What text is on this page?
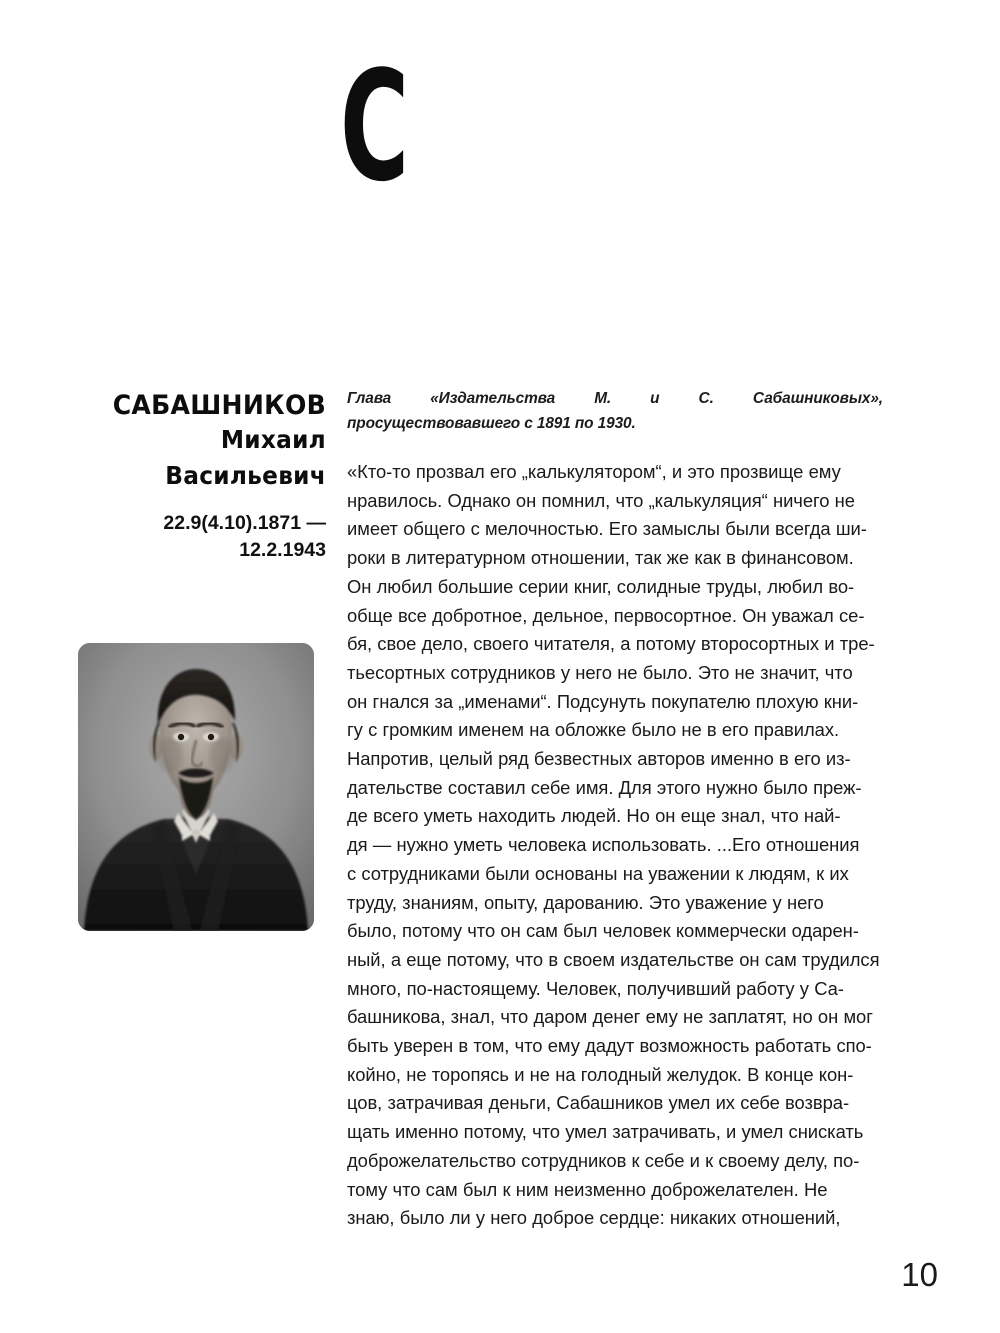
С
САБАШНИКОВ
Михаил
Васильевич
22.9(4.10).1871 —
12.2.1943

Глава «Издательства М. и С. Сабашниковых», просуществовавшего с 1891 по 1930.

«Кто-то прозвал его „калькулятором“, и это прозвище ему
нравилось. Однако он помнил, что „калькуляция“ ничего не
имеет общего с мелочностью. Его замыслы были всегда ши-
роки в литературном отношении, так же как в финансовом.
Он любил большие серии книг, солидные труды, любил во-
обще все добротное, дельное, первосортное. Он уважал се-
бя, свое дело, своего читателя, а потому второсортных и тре-
тьесортных сотрудников у него не было. Это не значит, что
он гнался за „именами“. Подсунуть покупателю плохую кни-
гу с громким именем на обложке было не в его правилах.
Напротив, целый ряд безвестных авторов именно в его из-
дательстве составил себе имя. Для этого нужно было преж-
де всего уметь находить людей. Но он еще знал, что най-
дя — нужно уметь человека использовать. ...Его отношения
с сотрудниками были основаны на уважении к людям, к их
труду, знаниям, опыту, дарованию. Это уважение у него
было, потому что он сам был человек коммерчески одарен-
ный, а еще потому, что в своем издательстве он сам трудился
много, по-настоящему. Человек, получивший работу у Са-
башникова, знал, что даром денег ему не заплатят, но он мог
быть уверен в том, что ему дадут возможность работать спо-
койно, не торопясь и не на голодный желудок. В конце кон-
цов, затрачивая деньги, Сабашников умел их себе возвра-
щать именно потому, что умел затрачивать, и умел снискать
доброжелательство сотрудников к себе и к своему делу, по-
тому что сам был к ним неизменно доброжелателен. Не
знаю, было ли у него доброе сердце: никаких отношений,

10
